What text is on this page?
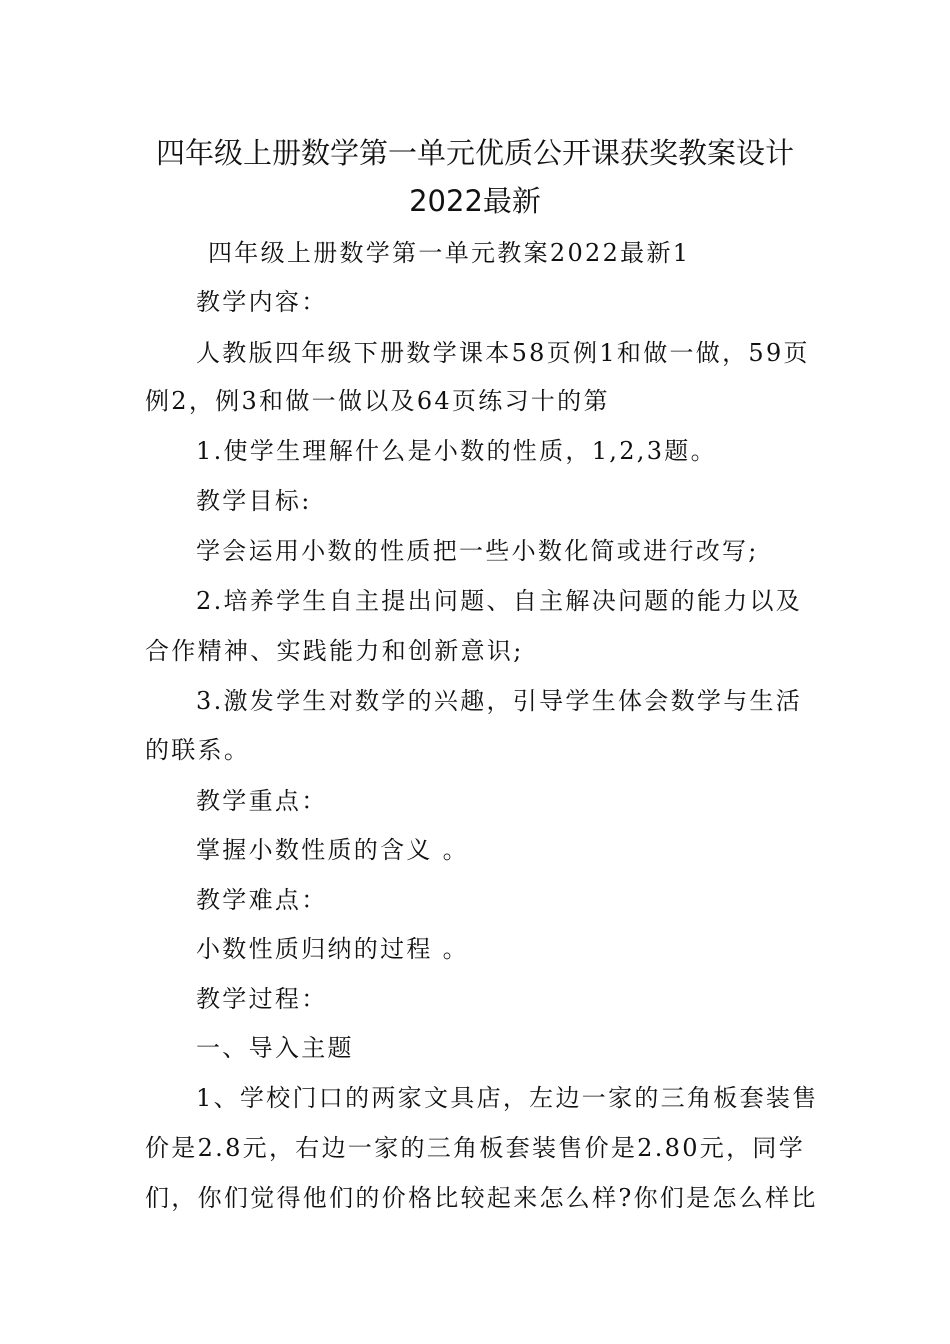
四年级上册数学第一单元优质公开课获奖教案设计
2022最新
四年级上册数学第一单元教案2022最新1
教学内容：
人教版四年级下册数学课本58页例1和做一做，59页
例2，例3和做一做以及64页练习十的第
1.使学生理解什么是小数的性质，1,2,3题。
教学目标:
学会运用小数的性质把一些小数化简或进行改写;
2.培养学生自主提出问题、自主解决问题的能力以及
合作精神、实践能力和创新意识;
3.激发学生对数学的兴趣，引导学生体会数学与生活
的联系。
教学重点：
掌握小数性质的含义 。
教学难点：
小数性质归纳的过程 。
教学过程：
一、导入主题
1、学校门口的两家文具店，左边一家的三角板套装售
价是2.8元，右边一家的三角板套装售价是2.80元，同学
们，你们觉得他们的价格比较起来怎么样?你们是怎么样比
